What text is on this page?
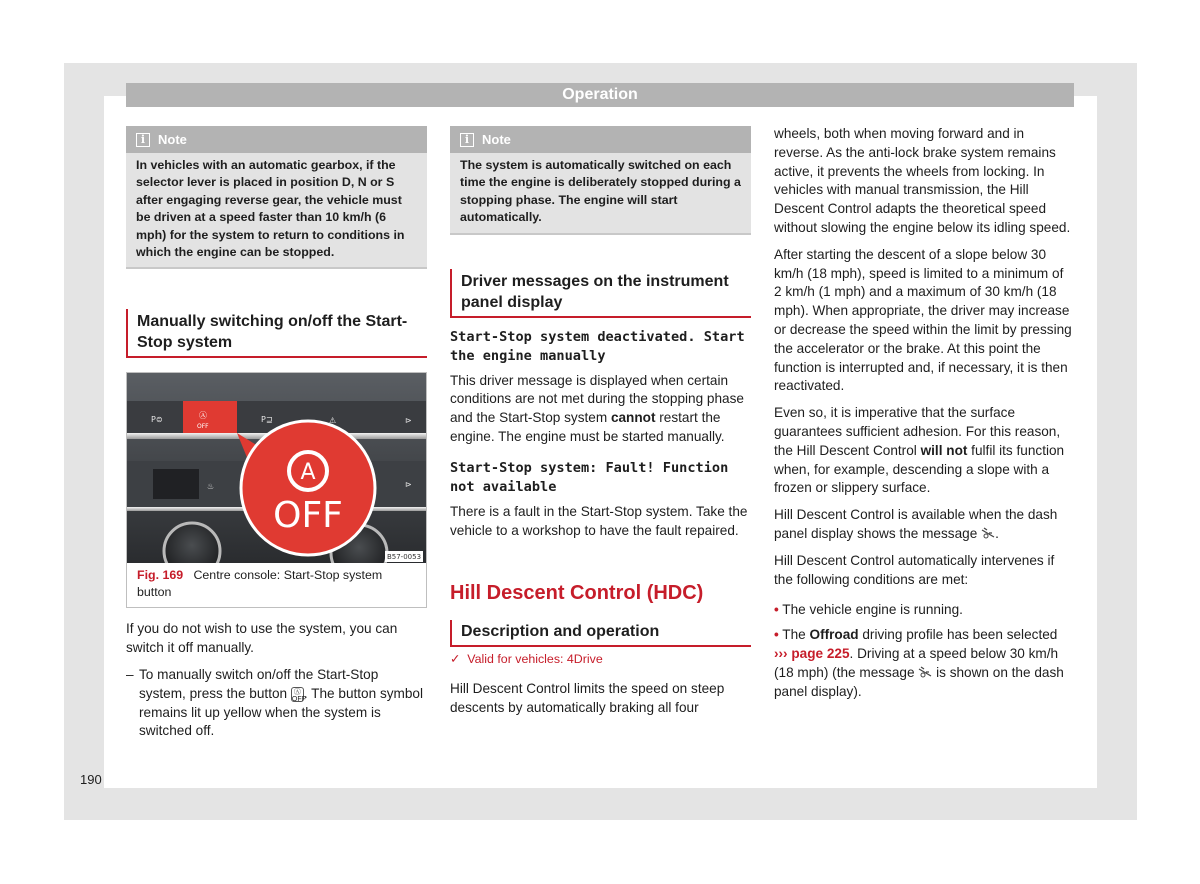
Operation
190
i Note
In vehicles with an automatic gearbox, if the selector lever is placed in position D, N or S after engaging reverse gear, the vehicle must be driven at a speed faster than 10 km/h (6 mph) for the system to return to conditions in which the engine can be stopped.
Manually switching on/off the Start-Stop system
P⊜	P⊒	⚠	⊳
♨	⊳
Ⓐ
OFF
A
OFF
B57-0053
Fig. 169 Centre console: Start-Stop system button

If you do not wish to use the system, you can switch it off manually.

– To manually switch on/off the Start-Stop system, press the button Ⓐ
OFF. The button symbol remains lit up yellow when the system is switched off.
i Note
The system is automatically switched on each time the engine is deliberately stopped during a stopping phase. The engine will start automatically.
Driver messages on the instrument panel display
Start-Stop system deactivated. Start the engine manually

This driver message is displayed when certain conditions are not met during the stopping phase and the Start-Stop system cannot restart the engine. The engine must be started manually.

Start-Stop system: Fault! Function not available

There is a fault in the Start-Stop system. Take the vehicle to a workshop to have the fault repaired.

Hill Descent Control (HDC)
Description and operation
✓ Valid for vehicles: 4Drive

Hill Descent Control limits the speed on steep descents by automatically braking all four

wheels, both when moving forward and in reverse. As the anti-lock brake system remains active, it prevents the wheels from locking. In vehicles with manual transmission, the Hill Descent Control adapts the theoretical speed without slowing the engine below its idling speed.

After starting the descent of a slope below 30 km/h (18 mph), speed is limited to a minimum of 2 km/h (1 mph) and a maximum of 30 km/h (18 mph). When appropriate, the driver may increase or decrease the speed within the limit by pressing the accelerator or the brake. At this point the function is interrupted and, if necessary, it is then reactivated.

Even so, it is imperative that the surface guarantees sufficient adhesion. For this reason, the Hill Descent Control will not fulfil its function when, for example, descending a slope with a frozen or slippery surface.

Hill Descent Control is available when the dash panel display shows the message .

Hill Descent Control automatically intervenes if the following conditions are met:

• The vehicle engine is running.

• The Offroad driving profile has been selected ››› page 225. Driving at a speed below 30 km/h (18 mph) (the message is shown on the dash panel display).
